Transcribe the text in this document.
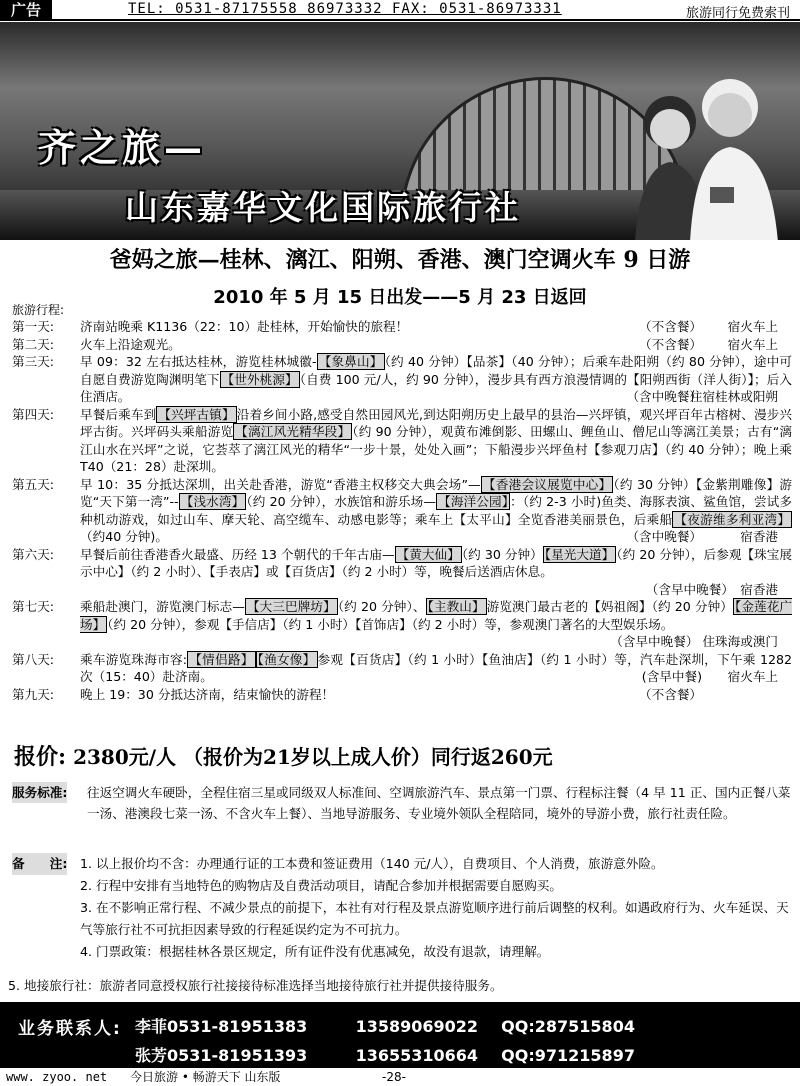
广告	TEL: 0531-87175558 86973332 FAX: 0531-86973331	旅游同行免费索刊
齐之旅—
山东嘉华文化国际旅行社
爸妈之旅—桂林、漓江、阳朔、香港、澳门空调火车 9 日游
2010 年 5 月 15 日出发——5 月 23 日返回
旅游行程:
第一天: 济南站晚乘 K1136（22：10）赴桂林，开始愉快的旅程！	（不含餐） 宿火车上
第二天: 火车上沿途观光。	（不含餐） 宿火车上
第三天: 早 09：32 左右抵达桂林，游览桂林城徽- 【象鼻山】 （约 40 分钟）【品茶】（40 分钟）；后乘车赴阳朔（约 80 分钟），途中可自愿自费游览陶渊明笔下 【世外桃源】 （自费 100 元/人，约 90 分钟），漫步具有西方浪漫情调的【阳朔西街（洋人街）】；后入住酒店。	（含中晚餐）
住宿桂林或阳朔
第四天: 早餐后乘车到 【兴坪古镇】 沿着乡间小路,感受自然田园风光,到达阳朔历史上最早的县治—兴坪镇，观兴坪百年古榕树、漫步兴坪古街。兴坪码头乘船游览 【漓江风光精华段】 （约 90 分钟），观黄布滩倒影、田螺山、鲤鱼山、僧尼山等漓江美景；古有“漓江山水在兴坪”之说，它荟萃了漓江风光的精华“一步十景，处处入画”；下船漫步兴坪鱼村【参观刀店】（约 40 分钟）；晚上乘 T40（21：28）赴深圳。
第五天: 早 10：35 分抵达深圳，出关赴香港，游览“香港主权移交大典会场”— 【香港会议展览中心】 （约 30 分钟）【金紫荆雕像】游览“天下第一湾”-- 【浅水湾】 （约 20 分钟），水族馆和游乐场— 【海洋公园】 ：（约 2-3 小时)鱼类、海豚表演、鲨鱼馆，尝试多种机动游戏，如过山车、摩天轮、高空缆车、动感电影等；乘车上【太平山】全览香港美丽景色，后乘船 【夜游维多利亚湾】（约40 分钟)。	（含中晚餐）	宿香港
第六天: 早餐后前往香港香火最盛、历经 13 个朝代的千年古庙— 【黄大仙】 （约 30 分钟） 【星光大道】 （约 20 分钟），后参观【珠宝展示中心】（约 2 小时）、【手表店】或【百货店】（约 2 小时）等，晚餐后送酒店休息。
（含早中晚餐）　 宿香港
第七天: 乘船赴澳门，游览澳门标志— 【大三巴牌坊】 （约 20 分钟）、 【主教山】 游览澳门最古老的【妈祖阁】（约 20 分钟） 【金莲花广场】 （约 20 分钟），参观【手信店】（约 1 小时）【首饰店】（约 2 小时）等，参观澳门著名的大型娱乐场。
（含早中晚餐） 住珠海或澳门
第八天: 乘车游览珠海市容: 【情侣路】 【渔女像】 参观【百货店】（约 1 小时）【鱼油店】（约 1 小时）等，汽车赴深圳，下午乘 1282 次（15：40）赴济南。	(含早中餐) 宿火车上
第九天: 晚上 19：30 分抵达济南，结束愉快的游程！	（不含餐）
报价: 2380元/人 （报价为21岁以上成人价）同行返260元
服务标准: 往返空调火车硬卧，全程住宿三星或同级双人标准间、空调旅游汽车、景点第一门票、行程标注餐（4 早 11 正、国内正餐八菜一汤、港澳段七菜一汤、不含火车上餐）、当地导游服务、专业境外领队全程陪同，境外的导游小费，旅行社责任险。
备　　注: 1. 以上报价均不含：办理通行证的工本费和签证费用（140 元/人），自费项目、个人消费，旅游意外险。
2. 行程中安排有当地特色的购物店及自费活动项目，请配合参加并根据需要自愿购买。
3. 在不影响正常行程、不减少景点的前提下，本社有对行程及景点游览顺序进行前后调整的权利。如遇政府行为、火车延误、天气等旅行社不可抗拒因素导致的行程延误约定为不可抗力。
4. 门票政策：根据桂林各景区规定，所有证件没有优惠减免，故没有退款，请理解。
5. 地接旅行社：旅游者同意授权旅行社接接待标准选择当地接待旅行社并提供接待服务。
业务联系人: 李菲0531-81951383	13589069022 QQ:287515804
张芳0531-81951393	13655310664 QQ:971215897
www. zyoo. net 今日旅游 • 畅游天下 山东版	-28-
